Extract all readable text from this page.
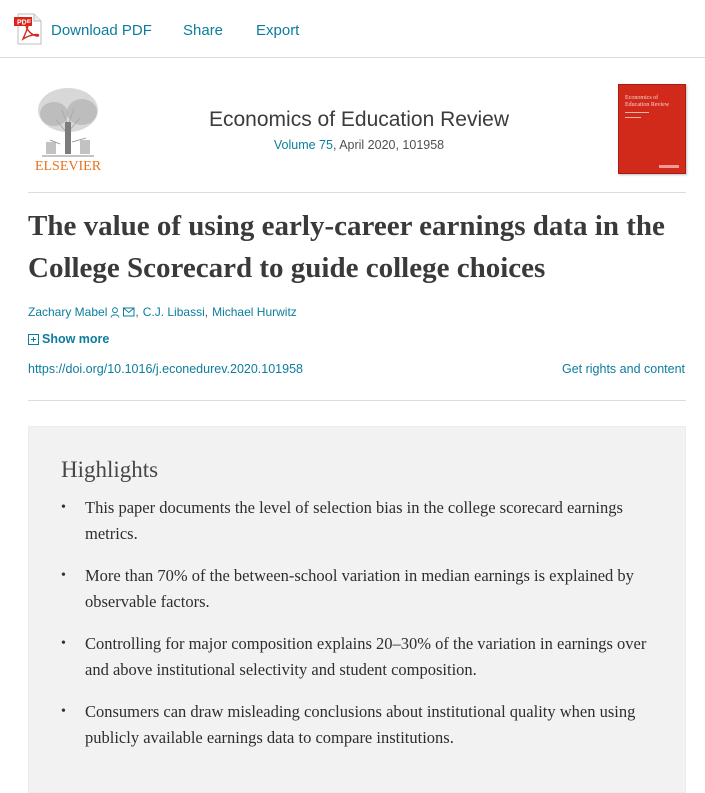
PDF Download PDF Share Export
ELSEVIER
Economics of Education Review
Volume 75, April 2020, 101958
Economics of
Education Review
The value of using early-career earnings data in the College Scorecard to guide college choices
Zachary Mabel , C.J. Libassi , Michael Hurwitz
Show more
https://doi.org/10.1016/j.econedurev.2020.101958	Get rights and content
Highlights
• This paper documents the level of selection bias in the college scorecard earnings metrics.
• More than 70% of the between-school variation in median earnings is explained by observable factors.
• Controlling for major composition explains 20–30% of the variation in earnings over and above institutional selectivity and student composition.
• Consumers can draw misleading conclusions about institutional quality when using publicly available earnings data to compare institutions.
